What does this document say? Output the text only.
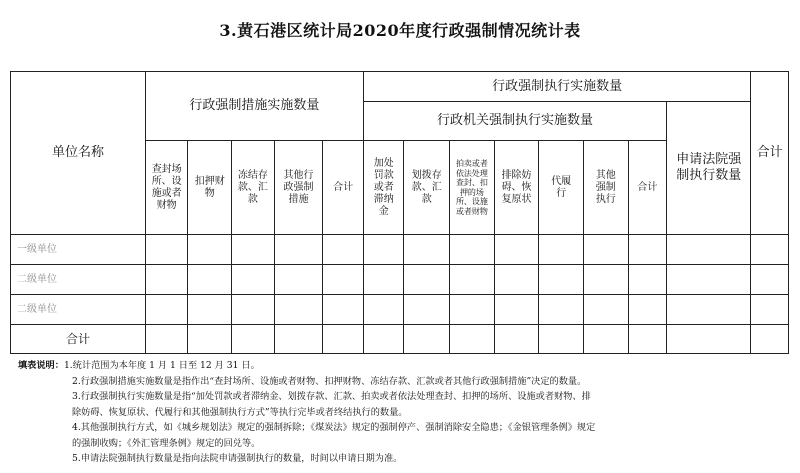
3.黄石港区统计局2020年度行政强制情况统计表
单位名称	行政强制措施实施数量					行政强制执行实施数量								合计
						行政机关强制执行实施数量							申请法院强制执行数量	
	查封场所、设施或者财物	扣押财物	冻结存款、汇款	其他行政强制措施	合计	加处罚款或者滞纳金	划拨存款、汇款	拍卖或者依法处理查封、扣押的场所、设施或者财物	排除妨碍、恢复原状	代履行	其他强制执行	合计		
一级单位														
二级单位														
二级单位														
合计														
填表说明：1.统计范围为本年度 1 月 1 日至 12 月 31 日。
2.行政强制措施实施数量是指作出“查封场所、设施或者财物、扣押财物、冻结存款、汇款或者其他行政强制措施”决定的数量。
3.行政强制执行实施数量是指“加处罚款或者滞纳金、划拨存款、汇款、拍卖或者依法处理查封、扣押的场所、设施或者财物、排
除妨碍、恢复原状、代履行和其他强制执行方式”等执行完毕或者终结执行的数量。
4.其他强制执行方式，如《城乡规划法》规定的强制拆除；《煤炭法》规定的强制停产、强制消除安全隐患；《金银管理条例》规定
的强制收购；《外汇管理条例》规定的回兑等。
5.申请法院强制执行数量是指向法院申请强制执行的数量，时间以申请日期为准。
